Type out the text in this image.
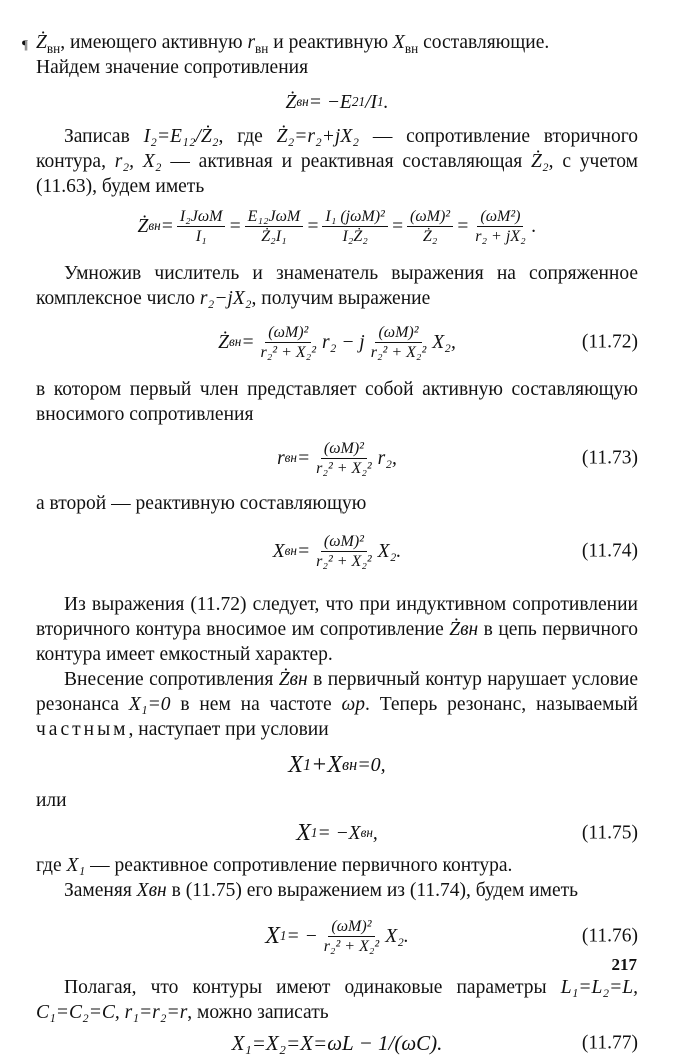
¶ $Ż_{вн}$, имеющего активную $r_{вн}$ и реактивную $X_{вн}$ составляющие.
Найдем значение сопротивления

Ż вн = −E 21 /I 1 .

Записав I₂=E₁₂/Ż₂, где Ż₂=r₂+jX₂ — сопротивление вторичного контура, r₂, X₂ — активная и реактивная составляющая Ż₂, с учетом (11.63), будем иметь

Ż вн = $\frac{\text{I₂JωM}}{\text{I₁}} = \frac{\text{E₁₂JωM}}{\text{Ż₂I₁}} = \frac{\text{I₁ (jωM)²}}{\text{I₂Ż₂}} = \frac{\text{(ωM)²}}{\text{Ż₂}} = \frac{\text{(ωM²)}}{\text{r₂ + jX₂}}$ .

Умножив числитель и знаменатель выражения на сопряженное комплексное число r₂−jX₂, получим выражение

Ż вн = $\frac{\text{(ωM)²}}{\text{r₂² + X₂²}} r_2 - j \frac{\text{(ωM)²}}{\text{r₂² + X₂²}} X_2$,	(11.72)

в котором первый член представляет собой активную составляющую вносимого сопротивления

r вн = $\frac{\text{(ωM)²}}{\text{r₂² + X₂²}} r_2$,	(11.73)

а второй — реактивную составляющую

X вн = $\frac{\text{(ωM)²}}{\text{r₂² + X₂²}} X_2$.	(11.74)

Из выражения (11.72) следует, что при индуктивном сопротивлении вторичного контура вносимое им сопротивление Żвн в цепь первичного контура имеет емкостный характер.

Внесение сопротивления Żвн в первичный контур нарушает условие резонанса X₁=0 в нем на частоте ωр. Теперь резонанс, называемый частным, наступает при условии

X 1 + X вн =0,

или

X 1 = −X вн ,	(11.75)

где X₁ — реактивное сопротивление первичного контура.

Заменяя Xвн в (11.75) его выражением из (11.74), будем иметь

X 1 = − $\frac{\text{(ωM)²}}{\text{r₂² + X₂²}} X_2$.	(11.76)

Полагая, что контуры имеют одинаковые параметры L₁=L₂=L, C₁=C₂=C, r₁=r₂=r, можно записать

X₁=X₂=X=ωL − 1/(ωC).	(11.77)
217
